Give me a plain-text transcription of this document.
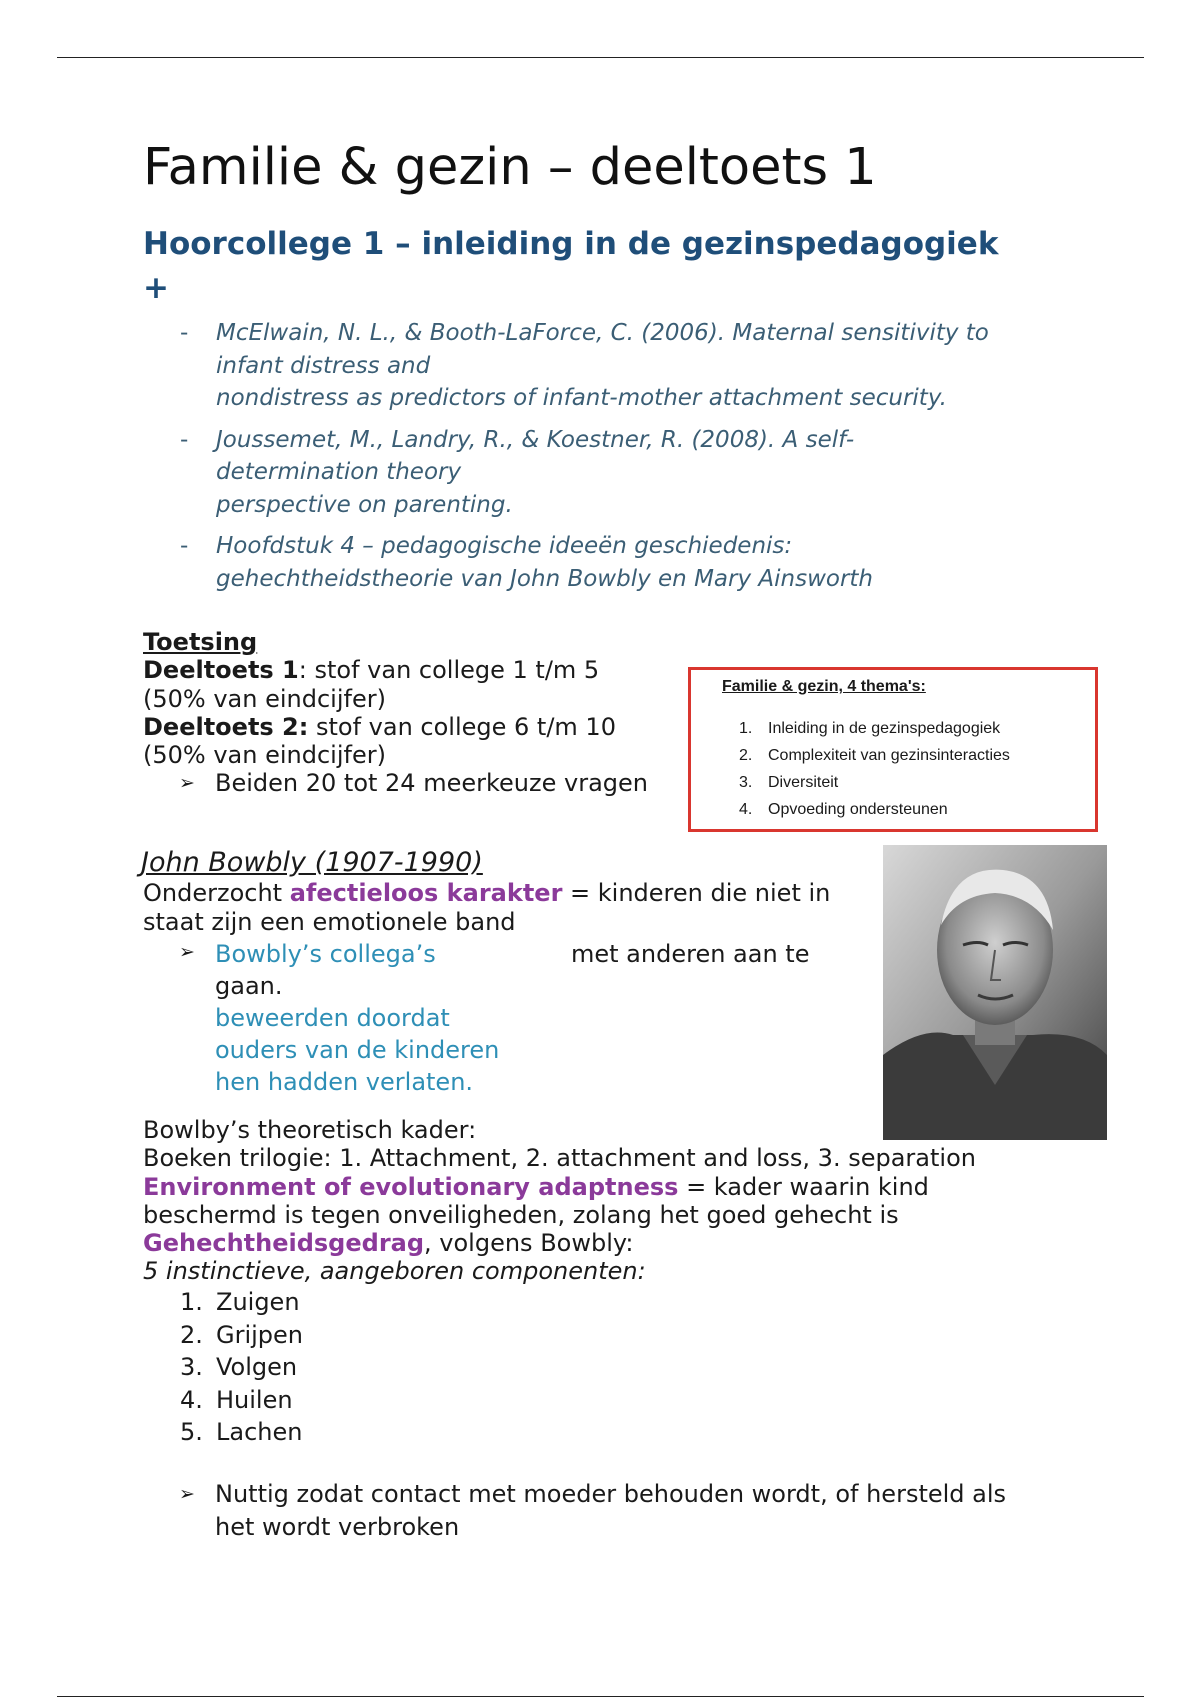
Familie & gezin – deeltoets 1
Hoorcollege 1 – inleiding in de gezinspedagogiek
+
- McElwain, N. L., & Booth-LaForce, C. (2006). Maternal sensitivity to
infant distress and
nondistress as predictors of infant-mother attachment security.
- Joussemet, M., Landry, R., & Koestner, R. (2008). A self-
determination theory
perspective on parenting.
- Hoofdstuk 4 – pedagogische ideeën geschiedenis:
gehechtheidstheorie van John Bowbly en Mary Ainsworth
Toetsing
Deeltoets 1: stof van college 1 t/m 5
(50% van eindcijfer)
Deeltoets 2: stof van college 6 t/m 10
(50% van eindcijfer)
➢ Beiden 20 tot 24 meerkeuze vragen
Familie & gezin, 4 thema's:
1. Inleiding in de gezinspedagogiek
2. Complexiteit van gezinsinteracties
3. Diversiteit
4. Opvoeding ondersteunen
John Bowbly (1907-1990)
Onderzocht afectieloos karakter = kinderen die niet in
staat zijn een emotionele band
➢ Bowbly’s collega’s
beweerden doordat
ouders van de kinderen
hen hadden verlaten.
met anderen aan te
gaan.
Bowlby’s theoretisch kader:
Boeken trilogie: 1. Attachment, 2. attachment and loss, 3. separation
Environment of evolutionary adaptness = kader waarin kind
beschermd is tegen onveiligheden, zolang het goed gehecht is
Gehechtheidsgedrag, volgens Bowbly:
5 instinctieve, aangeboren componenten:
1. Zuigen
2. Grijpen
3. Volgen
4. Huilen
5. Lachen
➢ Nuttig zodat contact met moeder behouden wordt, of hersteld als
het wordt verbroken
